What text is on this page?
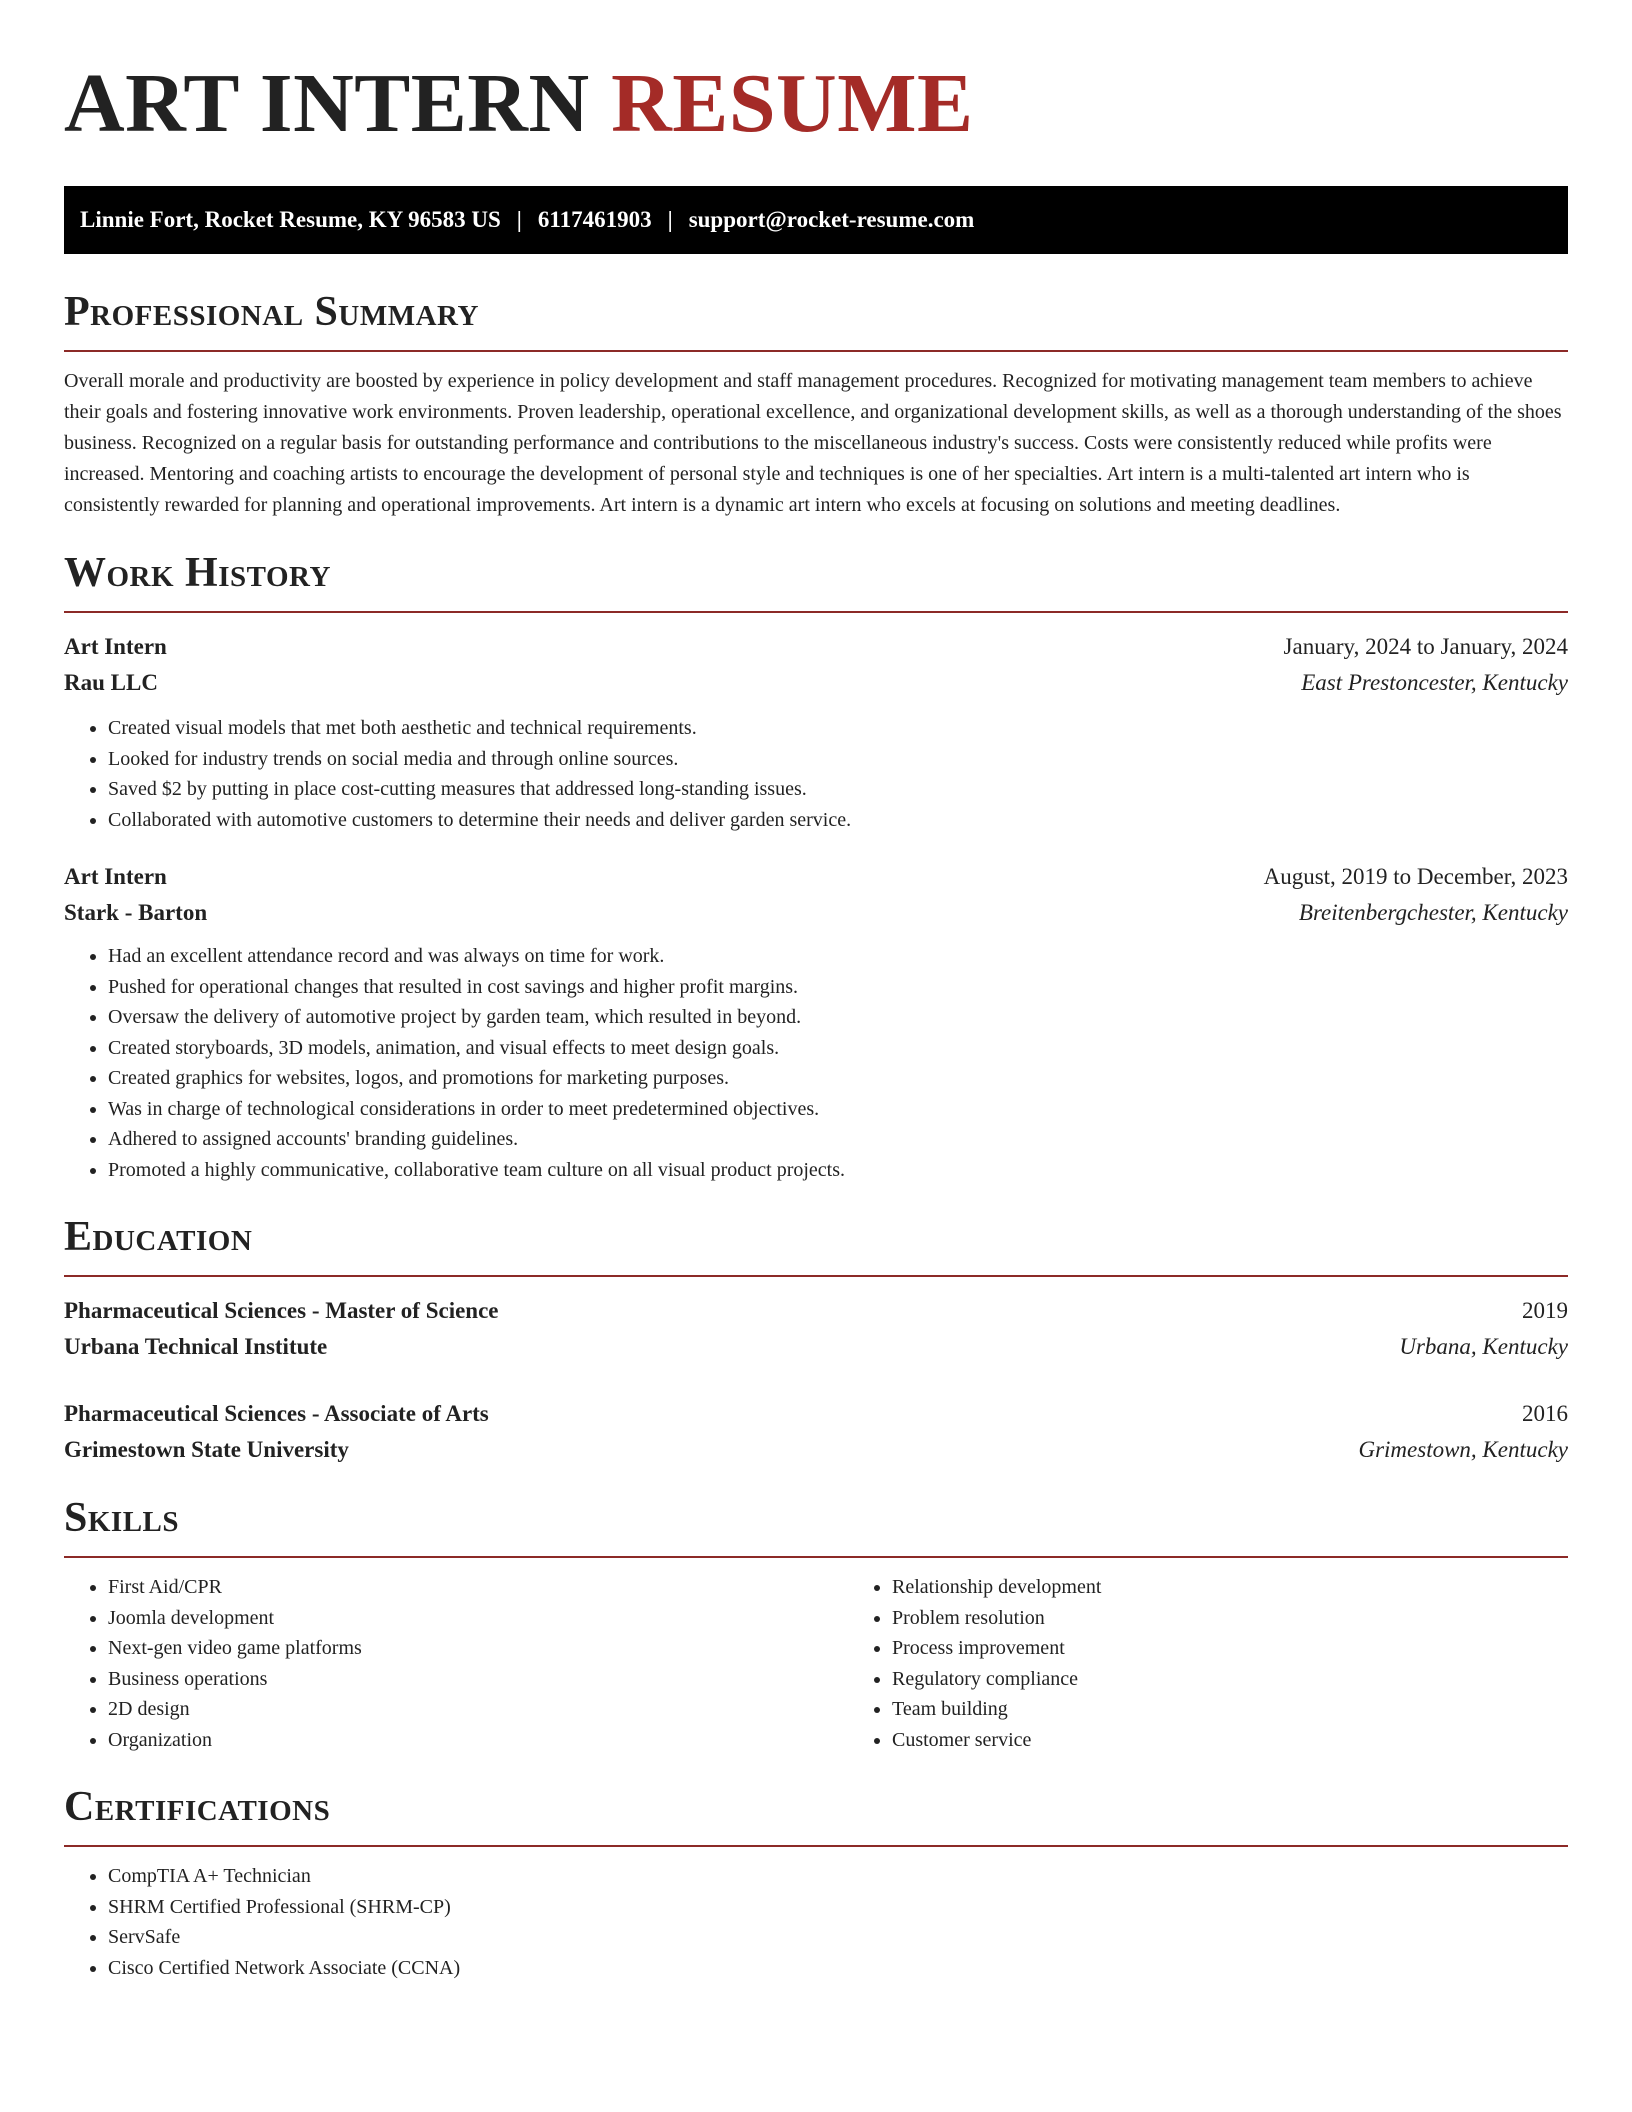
ART INTERN RESUME
Linnie Fort, Rocket Resume, KY 96583 US | 6117461903 | support@rocket-resume.com
Professional Summary

Overall morale and productivity are boosted by experience in policy development and staff management procedures. Recognized for motivating management team members to achieve their goals and fostering innovative work environments. Proven leadership, operational excellence, and organizational development skills, as well as a thorough understanding of the shoes business. Recognized on a regular basis for outstanding performance and contributions to the miscellaneous industry's success. Costs were consistently reduced while profits were increased. Mentoring and coaching artists to encourage the development of personal style and techniques is one of her specialties. Art intern is a multi-talented art intern who is consistently rewarded for planning and operational improvements. Art intern is a dynamic art intern who excels at focusing on solutions and meeting deadlines.

Work History
Art Intern	January, 2024 to January, 2024
Rau LLC	East Prestoncester, Kentucky
• Created visual models that met both aesthetic and technical requirements.
• Looked for industry trends on social media and through online sources.
• Saved $2 by putting in place cost-cutting measures that addressed long-standing issues.
• Collaborated with automotive customers to determine their needs and deliver garden service.
Art Intern	August, 2019 to December, 2023
Stark - Barton	Breitenbergchester, Kentucky
• Had an excellent attendance record and was always on time for work.
• Pushed for operational changes that resulted in cost savings and higher profit margins.
• Oversaw the delivery of automotive project by garden team, which resulted in beyond.
• Created storyboards, 3D models, animation, and visual effects to meet design goals.
• Created graphics for websites, logos, and promotions for marketing purposes.
• Was in charge of technological considerations in order to meet predetermined objectives.
• Adhered to assigned accounts' branding guidelines.
• Promoted a highly communicative, collaborative team culture on all visual product projects.
Education
Pharmaceutical Sciences - Master of Science	2019
Urbana Technical Institute	Urbana, Kentucky
Pharmaceutical Sciences - Associate of Arts	2016
Grimestown State University	Grimestown, Kentucky
Skills
• First Aid/CPR
• Joomla development
• Next-gen video game platforms
• Business operations
• 2D design
• Organization
• Relationship development
• Problem resolution
• Process improvement
• Regulatory compliance
• Team building
• Customer service
Certifications
• CompTIA A+ Technician
• SHRM Certified Professional (SHRM-CP)
• ServSafe
• Cisco Certified Network Associate (CCNA)
